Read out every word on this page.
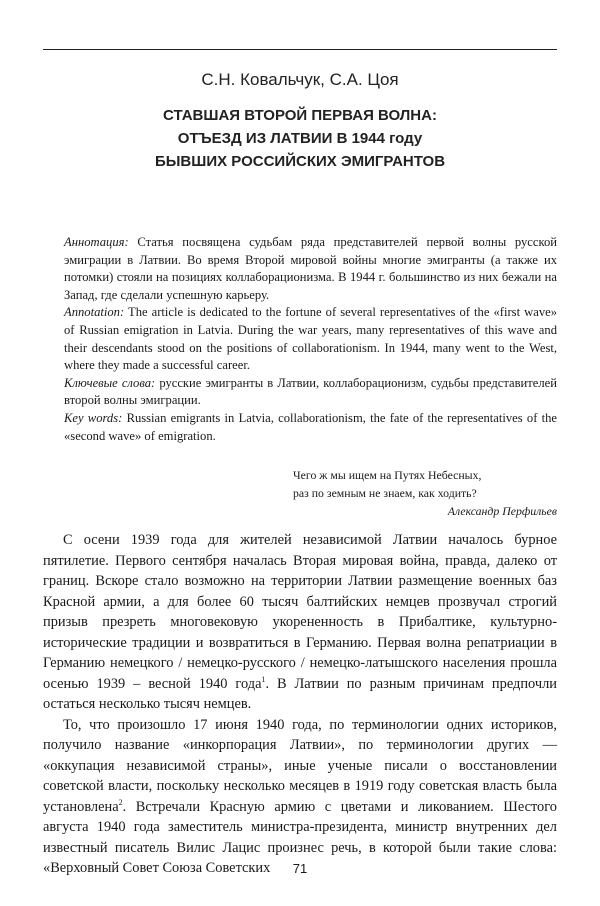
С.Н. Ковальчук, С.А. Цоя
СТАВШАЯ ВТОРОЙ ПЕРВАЯ ВОЛНА:
ОТЪЕЗД ИЗ ЛАТВИИ В 1944 году
БЫВШИХ РОССИЙСКИХ ЭМИГРАНТОВ

Аннотация: Статья посвящена судьбам ряда представителей первой волны русской эмиграции в Латвии. Во время Второй мировой войны многие эмигранты (а также их потомки) стояли на позициях коллаборационизма. В 1944 г. большинство из них бежали на Запад, где сделали успешную карьеру.

Annotation: The article is dedicated to the fortune of several representatives of the «first wave» of Russian emigration in Latvia. During the war years, many representatives of this wave and their descendants stood on the positions of collaborationism. In 1944, many went to the West, where they made a successful career.

Ключевые слова: русские эмигранты в Латвии, коллаборационизм, судьбы представителей второй волны эмиграции.

Key words: Russian emigrants in Latvia, collaborationism, the fate of the representatives of the «second wave» of emigration.

Чего ж мы ищем на Путях Небесных,
раз по земным не знаем, как ходить?
Александр Перфильев

С осени 1939 года для жителей независимой Латвии началось бурное пятилетие. Первого сентября началась Вторая мировая война, правда, далеко от границ. Вскоре стало возможно на территории Латвии размещение военных баз Красной армии, а для более 60 тысяч балтийских немцев прозвучал строгий призыв презреть многовековую укорененность в Прибалтике, культурно-исторические традиции и возвратиться в Германию. Первая волна репатриации в Германию немецкого / немецко-русского / немецко-латышского населения прошла осенью 1939 – весной 1940 года$^1$. В Латвии по разным причинам предпочли остаться несколько тысяч немцев.

То, что произошло 17 июня 1940 года, по терминологии одних историков, получило название «инкорпорация Латвии», по терминологии других — «оккупация независимой страны», иные ученые писали о восстановлении советской власти, поскольку несколько месяцев в 1919 году советская власть была установлена$^2$. Встречали Красную армию с цветами и ликованием. Шестого августа 1940 года заместитель министра-президента, министр внутренних дел известный писатель Вилис Лацис произнес речь, в которой были такие слова: «Верховный Совет Союза Советских	71
